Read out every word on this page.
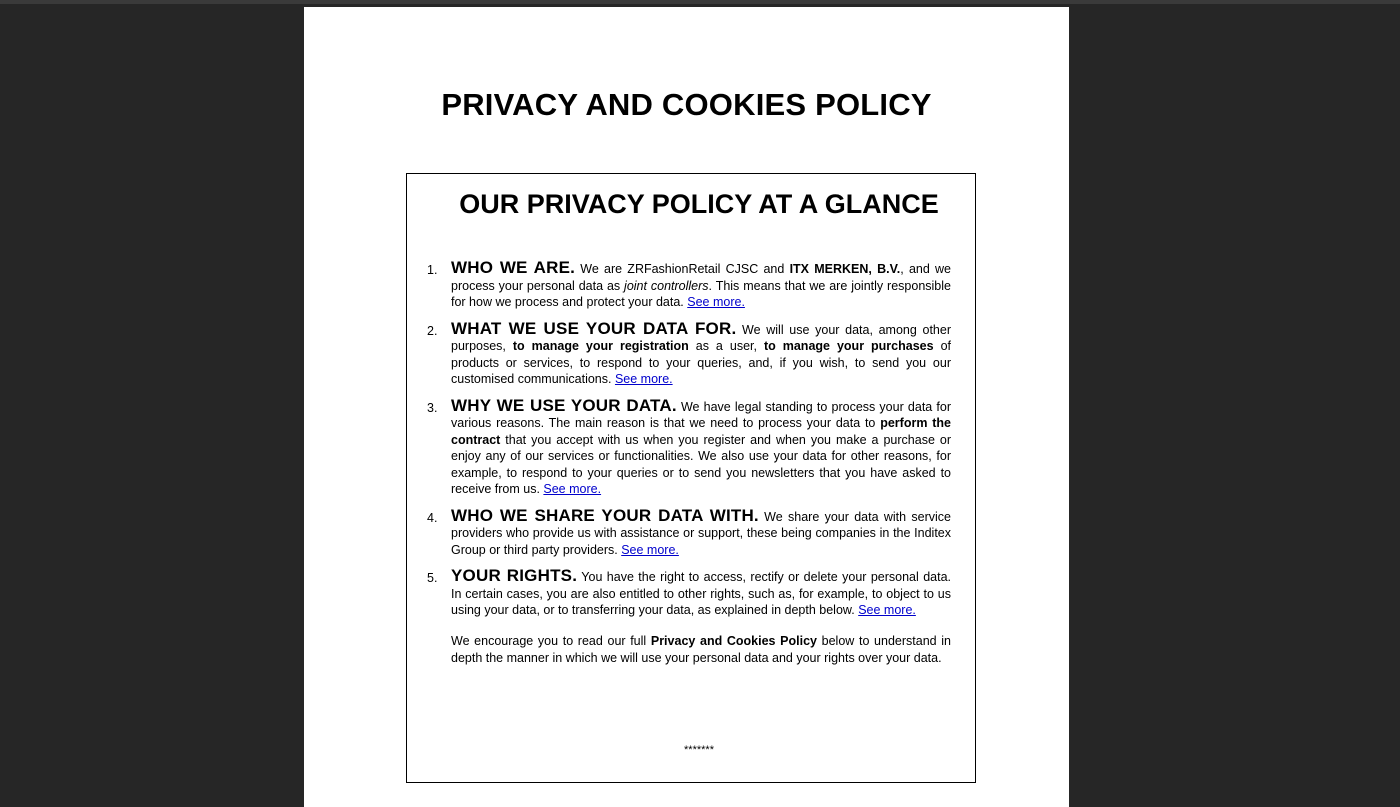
PRIVACY AND COOKIES POLICY
OUR PRIVACY POLICY AT A GLANCE
1. WHO WE ARE. We are ZRFashionRetail CJSC and ITX MERKEN, B.V., and we process your personal data as joint controllers. This means that we are jointly responsible for how we process and protect your data. See more.
2. WHAT WE USE YOUR DATA FOR. We will use your data, among other purposes, to manage your registration as a user, to manage your purchases of products or services, to respond to your queries, and, if you wish, to send you our customised communications. See more.
3. WHY WE USE YOUR DATA. We have legal standing to process your data for various reasons. The main reason is that we need to process your data to perform the contract that you accept with us when you register and when you make a purchase or enjoy any of our services or functionalities. We also use your data for other reasons, for example, to respond to your queries or to send you newsletters that you have asked to receive from us. See more.
4. WHO WE SHARE YOUR DATA WITH. We share your data with service providers who provide us with assistance or support, these being companies in the Inditex Group or third party providers. See more.
5. YOUR RIGHTS. You have the right to access, rectify or delete your personal data. In certain cases, you are also entitled to other rights, such as, for example, to object to us using your data, or to transferring your data, as explained in depth below. See more.
We encourage you to read our full Privacy and Cookies Policy below to understand in depth the manner in which we will use your personal data and your rights over your data.
*******
